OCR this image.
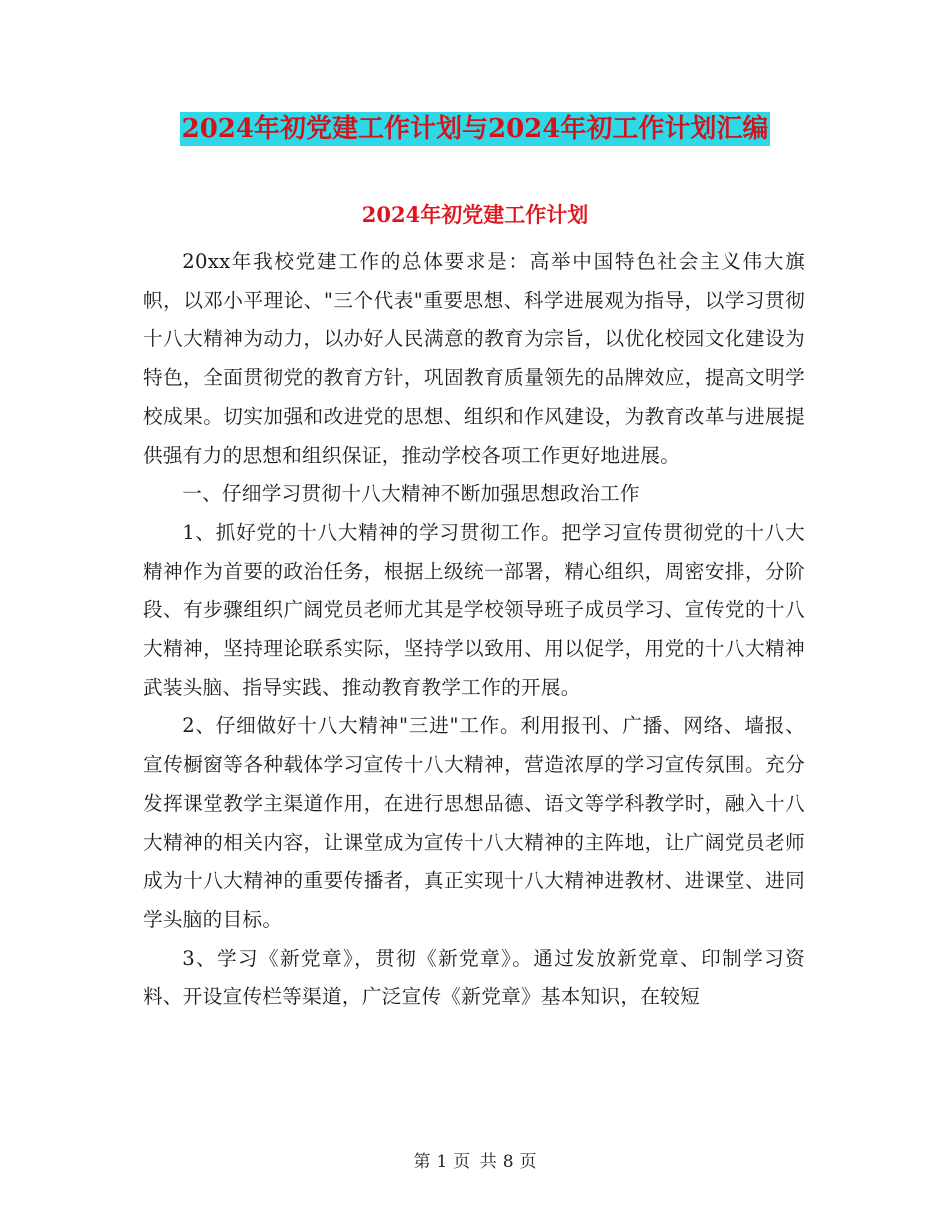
2024年初党建工作计划与2024年初工作计划汇编
2024年初党建工作计划

20xx年我校党建工作的总体要求是：高举中国特色社会主义伟大旗帜，以邓小平理论、"三个代表"重要思想、科学进展观为指导，以学习贯彻十八大精神为动力，以办好人民满意的教育为宗旨，以优化校园文化建设为特色，全面贯彻党的教育方针，巩固教育质量领先的品牌效应，提高文明学校成果。切实加强和改进党的思想、组织和作风建设，为教育改革与进展提供强有力的思想和组织保证，推动学校各项工作更好地进展。

一、仔细学习贯彻十八大精神不断加强思想政治工作

1、抓好党的十八大精神的学习贯彻工作。把学习宣传贯彻党的十八大精神作为首要的政治任务，根据上级统一部署，精心组织，周密安排，分阶段、有步骤组织广阔党员老师尤其是学校领导班子成员学习、宣传党的十八大精神，坚持理论联系实际，坚持学以致用、用以促学，用党的十八大精神武装头脑、指导实践、推动教育教学工作的开展。

2、仔细做好十八大精神"三进"工作。利用报刊、广播、网络、墙报、宣传橱窗等各种载体学习宣传十八大精神，营造浓厚的学习宣传氛围。充分发挥课堂教学主渠道作用，在进行思想品德、语文等学科教学时，融入十八大精神的相关内容，让课堂成为宣传十八大精神的主阵地，让广阔党员老师成为十八大精神的重要传播者，真正实现十八大精神进教材、进课堂、进同学头脑的目标。

3、学习《新党章》，贯彻《新党章》。通过发放新党章、印制学习资料、开设宣传栏等渠道，广泛宣传《新党章》基本知识，在较短

第 1 页 共 8 页
